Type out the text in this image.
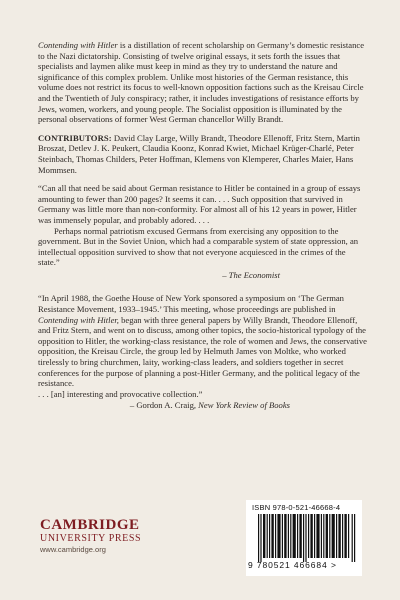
Contending with Hitler is a distillation of recent scholarship on Germany’s domestic resistance to the Nazi dictatorship. Consisting of twelve original essays, it sets forth the issues that specialists and laymen alike must keep in mind as they try to understand the nature and significance of this complex problem. Unlike most histories of the German resistance, this volume does not restrict its focus to well-known opposition factions such as the Kreisau Circle and the Twentieth of July conspiracy; rather, it includes investigations of resistance efforts by Jews, women, workers, and young people. The Socialist opposition is illuminated by the personal observations of former West German chancellor Willy Brandt.

CONTRIBUTORS: David Clay Large, Willy Brandt, Theodore Ellenoff, Fritz Stern, Martin Broszat, Detlev J. K. Peukert, Claudia Koonz, Konrad Kwiet, Michael Krüger-Charlé, Peter Steinbach, Thomas Childers, Peter Hoffman, Klemens von Klemperer, Charles Maier, Hans Mommsen.

“Can all that need be said about German resistance to Hitler be contained in a group of essays amounting to fewer than 200 pages? It seems it can. . . . Such opposition that survived in Germany was little more than non-conformity. For almost all of his 12 years in power, Hitler was immensely popular, and probably adored. . . .

Perhaps normal patriotism excused Germans from exercising any opposition to the government. But in the Soviet Union, which had a comparable system of state oppression, an intellectual opposition survived to show that not everyone acquiesced in the crimes of the state.”

– The Economist

“In April 1988, the Goethe House of New York sponsored a symposium on ‘The German Resistance Movement, 1933–1945.’ This meeting, whose proceedings are published in Contending with Hitler, began with three general papers by Willy Brandt, Theodore Ellenoff, and Fritz Stern, and went on to discuss, among other topics, the socio-historical typology of the opposition to Hitler, the working-class resistance, the role of women and Jews, the conservative opposition, the Kreisau Circle, the group led by Helmuth James von Moltke, who worked tirelessly to bring churchmen, laity, working-class leaders, and soldiers together in secret conferences for the purpose of planning a post-Hitler Germany, and the political legacy of the resistance.

. . . [an] interesting and provocative collection.”

– Gordon A. Craig, New York Review of Books

CAMBRIDGE
UNIVERSITY PRESS
www.cambridge.org
ISBN 978-0-521-46668-4
9 780521 466684 >
